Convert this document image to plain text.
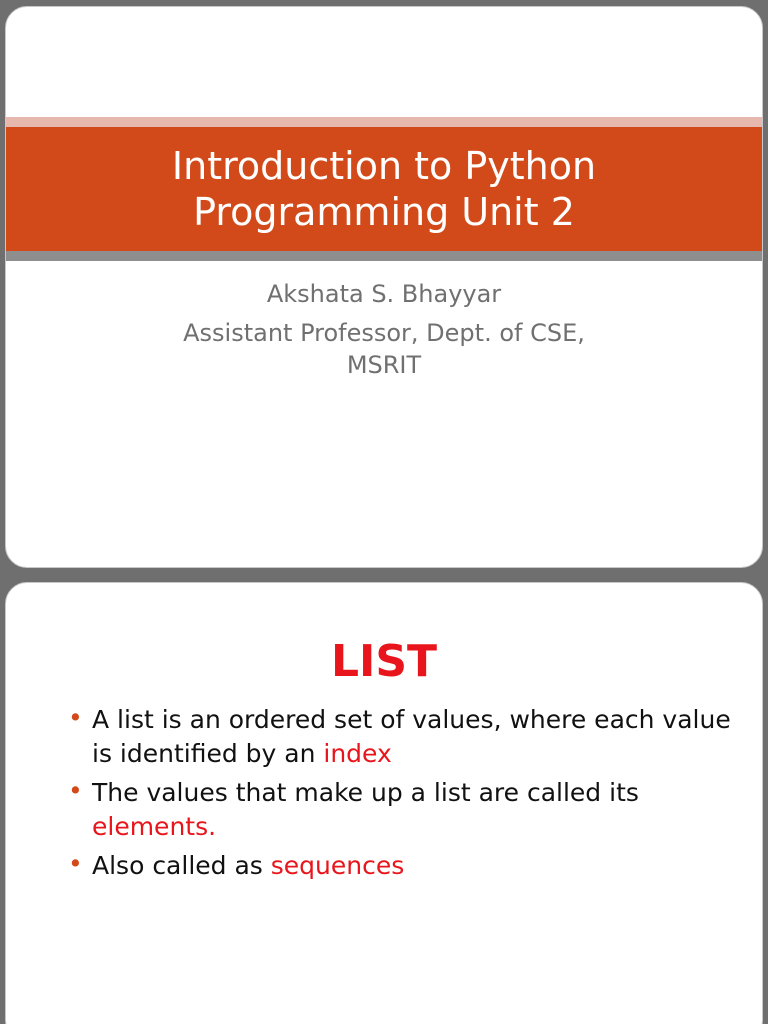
Introduction to Python
Programming Unit 2
Akshata S. Bhayyar
Assistant Professor, Dept. of CSE,
MSRIT
LIST
• A list is an ordered set of values, where each value is identified by an index
• The values that make up a list are called its elements.
• Also called as sequences
